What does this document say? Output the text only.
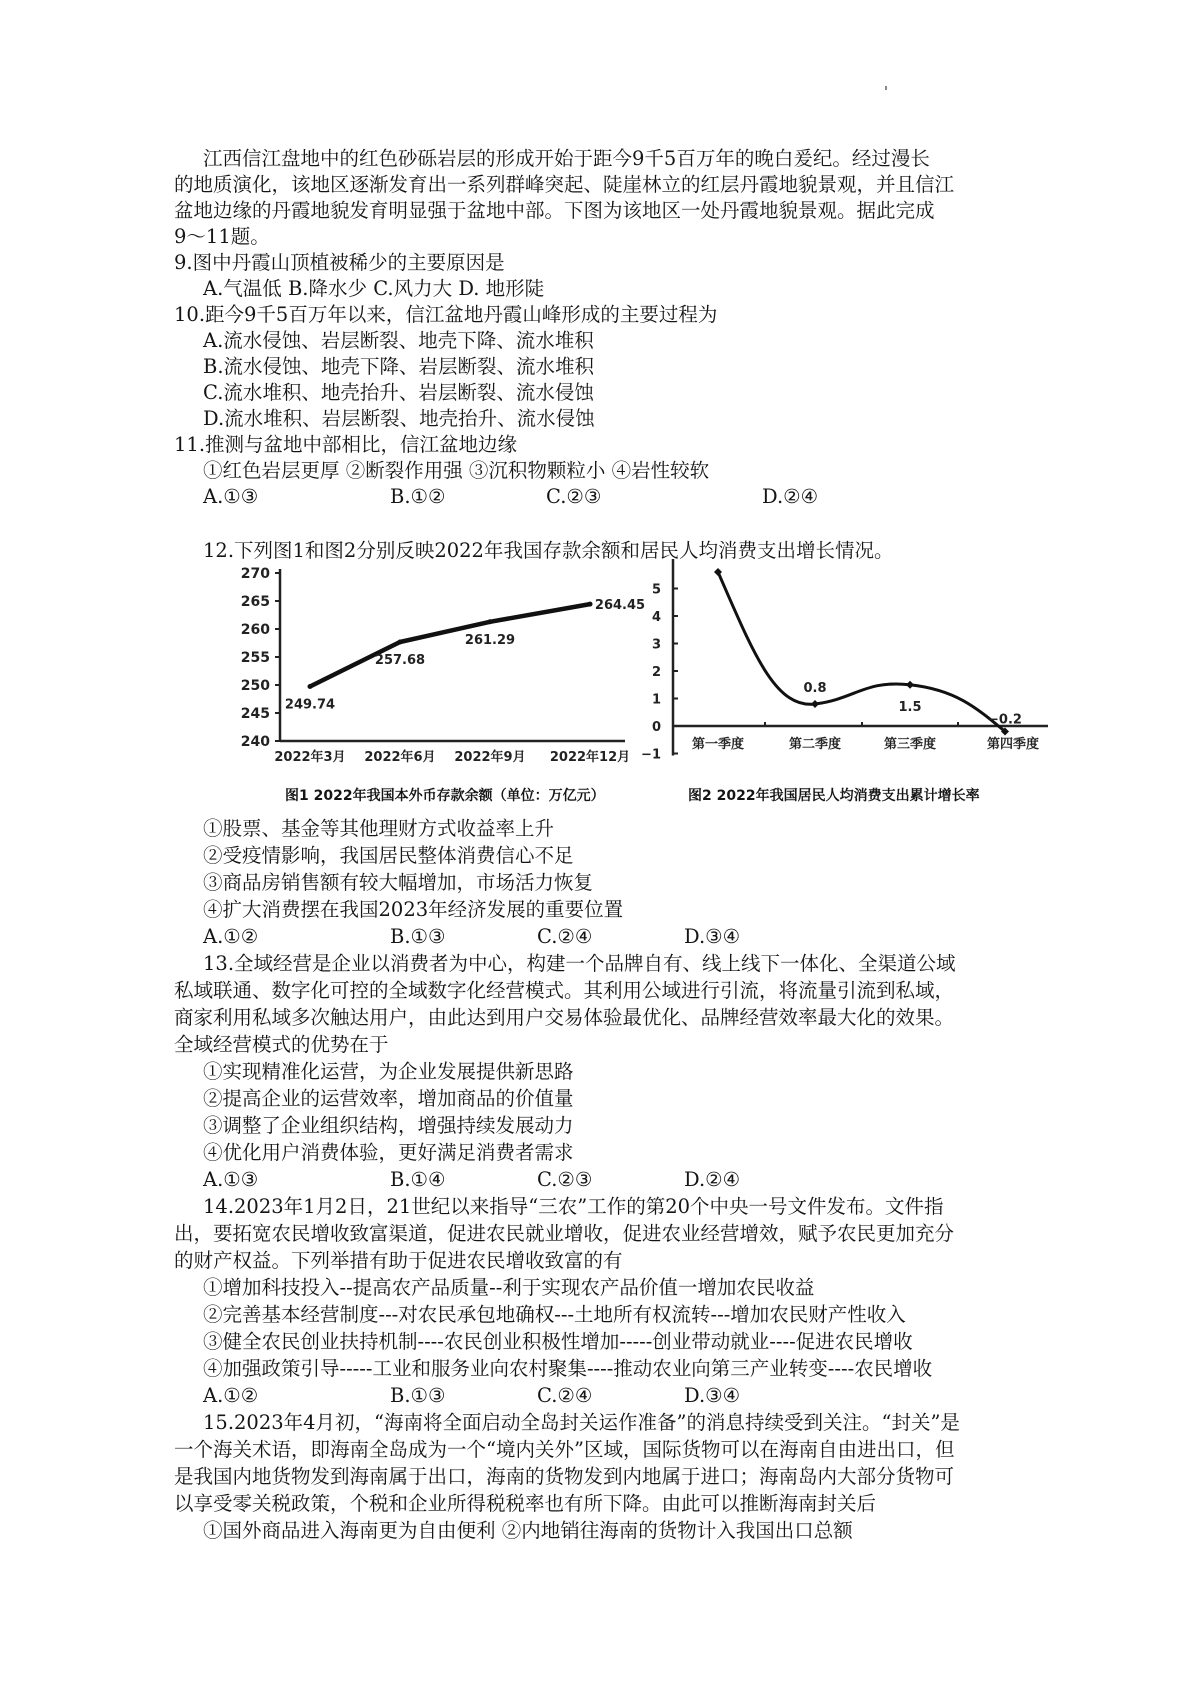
江西信江盘地中的红色砂砾岩层的形成开始于距今9千5百万年的晚白爰纪。经过漫长
的地质演化，该地区逐渐发育出一系列群峰突起、陡崖林立的红层丹霞地貌景观，并且信江
盆地边缘的丹霞地貌发育明显强于盆地中部。下图为该地区一处丹霞地貌景观。据此完成
9～11题。
9.图中丹霞山顶植被稀少的主要原因是
A.气温低 B.降水少 C.风力大 D. 地形陡
10.距今9千5百万年以来，信江盆地丹霞山峰形成的主要过程为
A.流水侵蚀、岩层断裂、地壳下降、流水堆积
B.流水侵蚀、地壳下降、岩层断裂、流水堆积
C.流水堆积、地壳抬升、岩层断裂、流水侵蚀
D.流水堆积、岩层断裂、地壳抬升、流水侵蚀
11.推测与盆地中部相比，信江盆地边缘
①红色岩层更厚 ②断裂作用强 ③沉积物颗粒小 ④岩性较软
A.①③	B.①②	C.②③	D.②④
12.下列图1和图2分别反映2022年我国存款余额和居民人均消费支出增长情况。
240
245
250
255
260
265
270
2022年3月 2022年6月 2022年9月 2022年12月
249.74
257.68
261.29
264.45
图1 2022年我国本外币存款余额（单位：万亿元）
−1
0
1
2
3
4
5
第一季度	第二季度	第三季度	第四季度
0.8
1.5
−0.2
图2 2022年我国居民人均消费支出累计增长率
①股票、基金等其他理财方式收益率上升
②受疫情影响，我国居民整体消费信心不足
③商品房销售额有较大幅增加，市场活力恢复
④扩大消费摆在我国2023年经济发展的重要位置
A.①②	B.①③	C.②④	D.③④
13.全域经营是企业以消费者为中心，构建一个品牌自有、线上线下一体化、全渠道公域
私域联通、数字化可控的全域数字化经营模式。其利用公域进行引流，将流量引流到私域，
商家利用私域多次触达用户，由此达到用户交易体验最优化、品牌经营效率最大化的效果。
全域经营模式的优势在于
①实现精准化运营，为企业发展提供新思路
②提高企业的运营效率，增加商品的价值量
③调整了企业组织结构，增强持续发展动力
④优化用户消费体验，更好满足消费者需求
A.①③	B.①④	C.②③	D.②④
14.2023年1月2日，21世纪以来指导“三农”工作的第20个中央一号文件发布。文件指
出，要拓宽农民增收致富渠道，促进农民就业增收，促进农业经营增效，赋予农民更加充分
的财产权益。下列举措有助于促进农民增收致富的有
①增加科技投入--提高农产品质量--利于实现农产品价值一增加农民收益
②完善基本经营制度---对农民承包地确权---土地所有权流转---增加农民财产性收入
③健全农民创业扶持机制----农民创业积极性增加-----创业带动就业----促进农民增收
④加强政策引导-----工业和服务业向农村聚集----推动农业向第三产业转变----农民增收
A.①②	B.①③	C.②④	D.③④
15.2023年4月初，“海南将全面启动全岛封关运作准备”的消息持续受到关注。“封关”是
一个海关术语，即海南全岛成为一个“境内关外”区域，国际货物可以在海南自由进出口，但
是我国内地货物发到海南属于出口，海南的货物发到内地属于进口；海南岛内大部分货物可
以享受零关税政策，个税和企业所得税税率也有所下降。由此可以推断海南封关后
①国外商品进入海南更为自由便利 ②内地销往海南的货物计入我国出口总额
